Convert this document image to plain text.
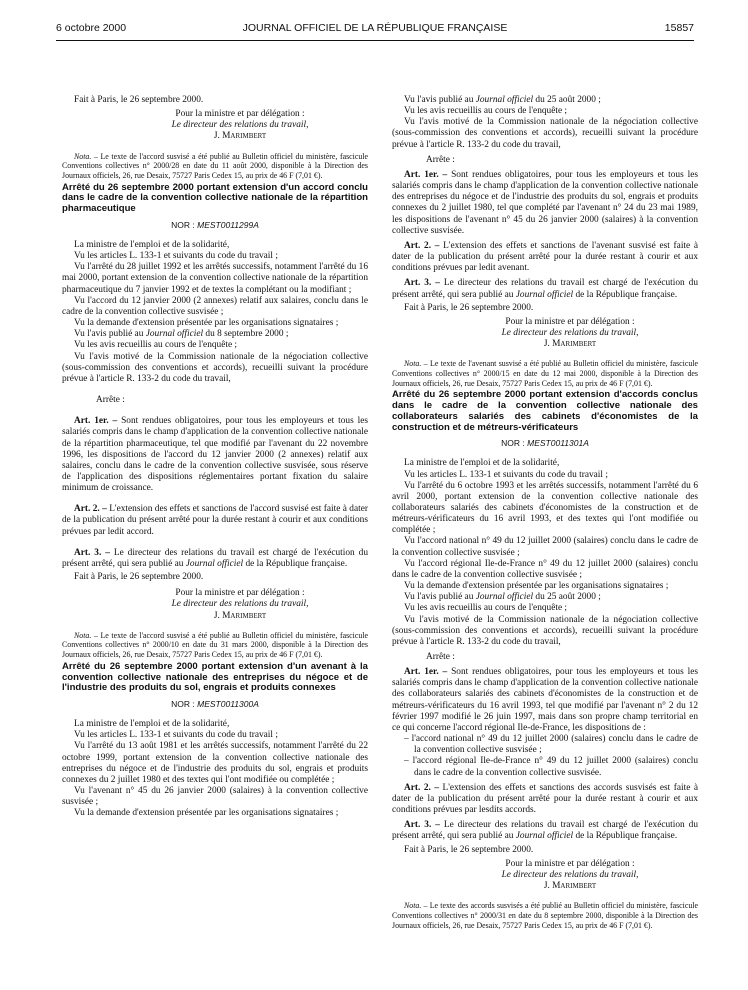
6 octobre 2000	JOURNAL OFFICIEL DE LA RÉPUBLIQUE FRANÇAISE	15857

Fait à Paris, le 26 septembre 2000.

Pour la ministre et par délégation :

Le directeur des relations du travail,

J. Marimbert

Nota. – Le texte de l'accord susvisé a été publié au Bulletin officiel du ministère, fascicule Conventions collectives n° 2000/28 en date du 11 août 2000, disponible à la Direction des Journaux officiels, 26, rue Desaix, 75727 Paris Cedex 15, au prix de 46 F (7,01 €).

Arrêté du 26 septembre 2000 portant extension d'un accord conclu dans le cadre de la convention collective nationale de la répartition pharmaceutique

NOR : MEST0011299A

La ministre de l'emploi et de la solidarité,

Vu les articles L. 133-1 et suivants du code du travail ;

Vu l'arrêté du 28 juillet 1992 et les arrêtés successifs, notamment l'arrêté du 16 mai 2000, portant extension de la convention collective nationale de la répartition pharmaceutique du 7 janvier 1992 et de textes la complétant ou la modifiant ;

Vu l'accord du 12 janvier 2000 (2 annexes) relatif aux salaires, conclu dans le cadre de la convention collective susvisée ;

Vu la demande d'extension présentée par les organisations signataires ;

Vu l'avis publié au Journal officiel du 8 septembre 2000 ;

Vu les avis recueillis au cours de l'enquête ;

Vu l'avis motivé de la Commission nationale de la négociation collective (sous-commission des conventions et accords), recueilli suivant la procédure prévue à l'article R. 133-2 du code du travail,

Arrête :

Art. 1er. – Sont rendues obligatoires, pour tous les employeurs et tous les salariés compris dans le champ d'application de la convention collective nationale de la répartition pharmaceutique, tel que modifié par l'avenant du 22 novembre 1996, les dispositions de l'accord du 12 janvier 2000 (2 annexes) relatif aux salaires, conclu dans le cadre de la convention collective susvisée, sous réserve de l'application des dispositions réglementaires portant fixation du salaire minimum de croissance.

Art. 2. – L'extension des effets et sanctions de l'accord susvisé est faite à dater de la publication du présent arrêté pour la durée restant à courir et aux conditions prévues par ledit accord.

Art. 3. – Le directeur des relations du travail est chargé de l'exécution du présent arrêté, qui sera publié au Journal officiel de la République française.

Fait à Paris, le 26 septembre 2000.

Pour la ministre et par délégation :

Le directeur des relations du travail,

J. Marimbert

Nota. – Le texte de l'accord susvisé a été publié au Bulletin officiel du ministère, fascicule Conventions collectives n° 2000/10 en date du 31 mars 2000, disponible à la Direction des Journaux officiels, 26, rue Desaix, 75727 Paris Cedex 15, au prix de 46 F (7,01 €).

Arrêté du 26 septembre 2000 portant extension d'un avenant à la convention collective nationale des entreprises du négoce et de l'industrie des produits du sol, engrais et produits connexes

NOR : MEST0011300A

La ministre de l'emploi et de la solidarité,

Vu les articles L. 133-1 et suivants du code du travail ;

Vu l'arrêté du 13 août 1981 et les arrêtés successifs, notamment l'arrêté du 22 octobre 1999, portant extension de la convention collective nationale des entreprises du négoce et de l'industrie des produits du sol, engrais et produits connexes du 2 juillet 1980 et des textes qui l'ont modifiée ou complétée ;

Vu l'avenant n° 45 du 26 janvier 2000 (salaires) à la convention collective susvisée ;

Vu la demande d'extension présentée par les organisations signataires ;

Vu l'avis publié au Journal officiel du 25 août 2000 ;

Vu les avis recueillis au cours de l'enquête ;

Vu l'avis motivé de la Commission nationale de la négociation collective (sous-commission des conventions et accords), recueilli suivant la procédure prévue à l'article R. 133-2 du code du travail,

Arrête :

Art. 1er. – Sont rendues obligatoires, pour tous les employeurs et tous les salariés compris dans le champ d'application de la convention collective nationale des entreprises du négoce et de l'industrie des produits du sol, engrais et produits connexes du 2 juillet 1980, tel que complété par l'avenant n° 24 du 23 mai 1989, les dispositions de l'avenant n° 45 du 26 janvier 2000 (salaires) à la convention collective susvisée.

Art. 2. – L'extension des effets et sanctions de l'avenant susvisé est faite à dater de la publication du présent arrêté pour la durée restant à courir et aux conditions prévues par ledit avenant.

Art. 3. – Le directeur des relations du travail est chargé de l'exécution du présent arrêté, qui sera publié au Journal officiel de la République française.

Fait à Paris, le 26 septembre 2000.

Pour la ministre et par délégation :

Le directeur des relations du travail,

J. Marimbert

Nota. – Le texte de l'avenant susvisé a été publié au Bulletin officiel du ministère, fascicule Conventions collectives n° 2000/15 en date du 12 mai 2000, disponible à la Direction des Journaux officiels, 26, rue Desaix, 75727 Paris Cedex 15, au prix de 46 F (7,01 €).

Arrêté du 26 septembre 2000 portant extension d'accords conclus dans le cadre de la convention collective nationale des collaborateurs salariés des cabinets d'économistes de la construction et de métreurs-vérificateurs

NOR : MEST0011301A

La ministre de l'emploi et de la solidarité,

Vu les articles L. 133-1 et suivants du code du travail ;

Vu l'arrêté du 6 octobre 1993 et les arrêtés successifs, notamment l'arrêté du 6 avril 2000, portant extension de la convention collective nationale des collaborateurs salariés des cabinets d'économistes de la construction et de métreurs-vérificateurs du 16 avril 1993, et des textes qui l'ont modifiée ou complétée ;

Vu l'accord national n° 49 du 12 juillet 2000 (salaires) conclu dans le cadre de la convention collective susvisée ;

Vu l'accord régional Ile-de-France n° 49 du 12 juillet 2000 (salaires) conclu dans le cadre de la convention collective susvisée ;

Vu la demande d'extension présentée par les organisations signataires ;

Vu l'avis publié au Journal officiel du 25 août 2000 ;

Vu les avis recueillis au cours de l'enquête ;

Vu l'avis motivé de la Commission nationale de la négociation collective (sous-commission des conventions et accords), recueilli suivant la procédure prévue à l'article R. 133-2 du code du travail,

Arrête :

Art. 1er. – Sont rendues obligatoires, pour tous les employeurs et tous les salariés compris dans le champ d'application de la convention collective nationale des collaborateurs salariés des cabinets d'économistes de la construction et de métreurs-vérificateurs du 16 avril 1993, tel que modifié par l'avenant n° 2 du 12 février 1997 modifié le 26 juin 1997, mais dans son propre champ territorial en ce qui concerne l'accord régional Ile-de-France, les dispositions de :

– l'accord national n° 49 du 12 juillet 2000 (salaires) conclu dans le cadre de la convention collective susvisée ;

– l'accord régional Ile-de-France n° 49 du 12 juillet 2000 (salaires) conclu dans le cadre de la convention collective susvisée.

Art. 2. – L'extension des effets et sanctions des accords susvisés est faite à dater de la publication du présent arrêté pour la durée restant à courir et aux conditions prévues par lesdits accords.

Art. 3. – Le directeur des relations du travail est chargé de l'exécution du présent arrêté, qui sera publié au Journal officiel de la République française.

Fait à Paris, le 26 septembre 2000.

Pour la ministre et par délégation :

Le directeur des relations du travail,

J. Marimbert

Nota. – Le texte des accords susvisés a été publié au Bulletin officiel du ministère, fascicule Conventions collectives n° 2000/31 en date du 8 septembre 2000, disponible à la Direction des Journaux officiels, 26, rue Desaix, 75727 Paris Cedex 15, au prix de 46 F (7,01 €).
